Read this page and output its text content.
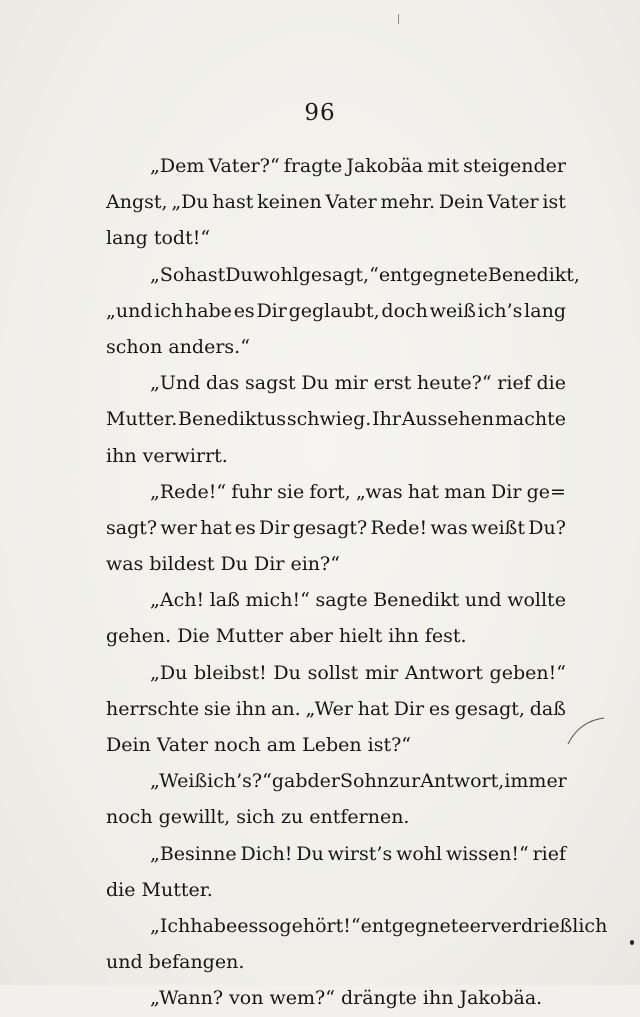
96
„Dem Vater?“ fragte Jakobäa mit steigender
Angst, „Du hast keinen Vater mehr. Dein Vater ist
lang todt!“
„So hast Du wohl gesagt,“ entgegnete Benedikt,
„und ich habe es Dir geglaubt, doch weiß ich’s lang
schon anders.“
„Und das sagst Du mir erst heute?“ rief die
Mutter. Benediktus schwieg. Ihr Aussehen machte
ihn verwirrt.
„Rede!“ fuhr sie fort, „was hat man Dir ge=
sagt? wer hat es Dir gesagt? Rede! was weißt Du?
was bildest Du Dir ein?“
„Ach! laß mich!“ sagte Benedikt und wollte
gehen. Die Mutter aber hielt ihn fest.
„Du bleibst! Du sollst mir Antwort geben!“
herrschte sie ihn an. „Wer hat Dir es gesagt, daß
Dein Vater noch am Leben ist?“
„Weiß ich’s?“ gab der Sohn zur Antwort, immer
noch gewillt, sich zu entfernen.
„Besinne Dich! Du wirst’s wohl wissen!“ rief
die Mutter.
„Ich habe es so gehört!“ entgegnete er verdrießlich
und befangen.
„Wann? von wem?“ drängte ihn Jakobäa.
